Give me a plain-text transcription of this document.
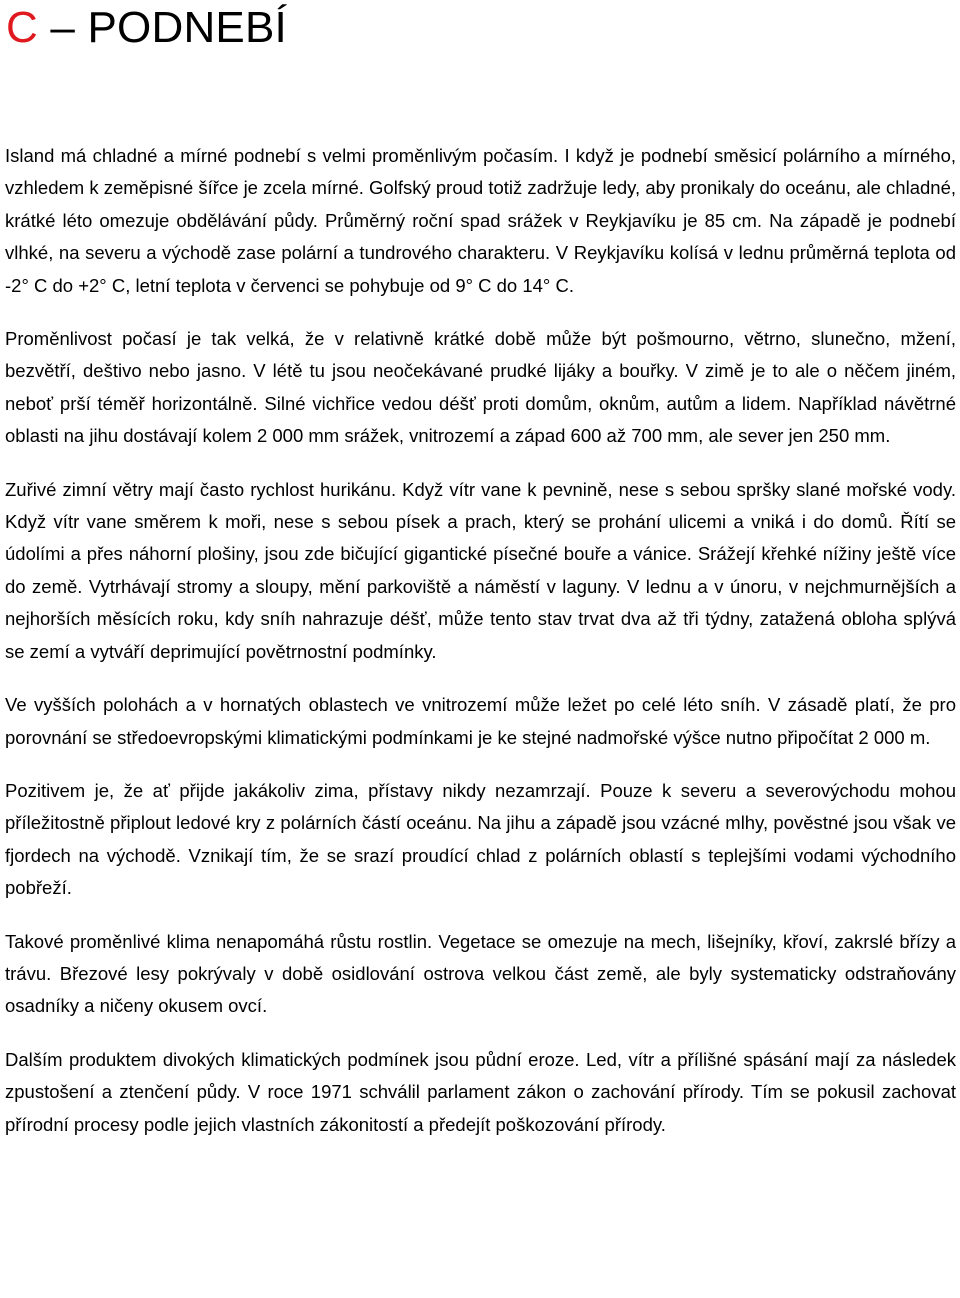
C – PODNEBÍ

Island má chladné a mírné podnebí s velmi proměnlivým počasím. I když je podnebí směsicí polárního a mírného, vzhledem k zeměpisné šířce je zcela mírné. Golfský proud totiž zadržuje ledy, aby pronikaly do oceánu, ale chladné, krátké léto omezuje obdělávání půdy. Průměrný roční spad srážek v Reykjavíku je 85 cm. Na západě je podnebí vlhké, na severu a východě zase polární a tundrového charakteru. V Reykjavíku kolísá v lednu průměrná teplota od -2° C do +2° C, letní teplota v červenci se pohybuje od 9° C do 14° C.

Proměnlivost počasí je tak velká, že v relativně krátké době může být pošmourno, větrno, slunečno, mžení, bezvětří, deštivo nebo jasno. V létě tu jsou neočekávané prudké lijáky a bouřky. V zimě je to ale o něčem jiném, neboť prší téměř horizontálně. Silné vichřice vedou déšť proti domům, oknům, autům a lidem. Například návětrné oblasti na jihu dostávají kolem 2 000 mm srážek, vnitrozemí a západ 600 až 700 mm, ale sever jen 250 mm.

Zuřivé zimní větry mají často rychlost hurikánu. Když vítr vane k pevnině, nese s sebou spršky slané mořské vody. Když vítr vane směrem k moři, nese s sebou písek a prach, který se prohání ulicemi a vniká i do domů. Řítí se údolími a přes náhorní plošiny, jsou zde bičující gigantické písečné bouře a vánice. Srážejí křehké nížiny ještě více do země. Vytrhávají stromy a sloupy, mění parkoviště a náměstí v laguny. V lednu a v únoru, v nejchmurnějších a nejhorších měsících roku, kdy sníh nahrazuje déšť, může tento stav trvat dva až tři týdny, zatažená obloha splývá se zemí a vytváří deprimující povětrnostní podmínky.

Ve vyšších polohách a v hornatých oblastech ve vnitrozemí může ležet po celé léto sníh. V zásadě platí, že pro porovnání se středoevropskými klimatickými podmínkami je ke stejné nadmořské výšce nutno připočítat 2 000 m.

Pozitivem je, že ať přijde jakákoliv zima, přístavy nikdy nezamrzají. Pouze k severu a severovýchodu mohou příležitostně připlout ledové kry z polárních částí oceánu. Na jihu a západě jsou vzácné mlhy, pověstné jsou však ve fjordech na východě. Vznikají tím, že se srazí proudící chlad z polárních oblastí s teplejšími vodami východního pobřeží.

Takové proměnlivé klima nenapomáhá růstu rostlin. Vegetace se omezuje na mech, lišejníky, křoví, zakrslé břízy a trávu. Březové lesy pokrývaly v době osidlování ostrova velkou část země, ale byly systematicky odstraňovány osadníky a ničeny okusem ovcí.

Dalším produktem divokých klimatických podmínek jsou půdní eroze. Led, vítr a přílišné spásání mají za následek zpustošení a ztenčení půdy. V roce 1971 schválil parlament zákon o zachování přírody. Tím se pokusil zachovat přírodní procesy podle jejich vlastních zákonitostí a předejít poškozování přírody.
